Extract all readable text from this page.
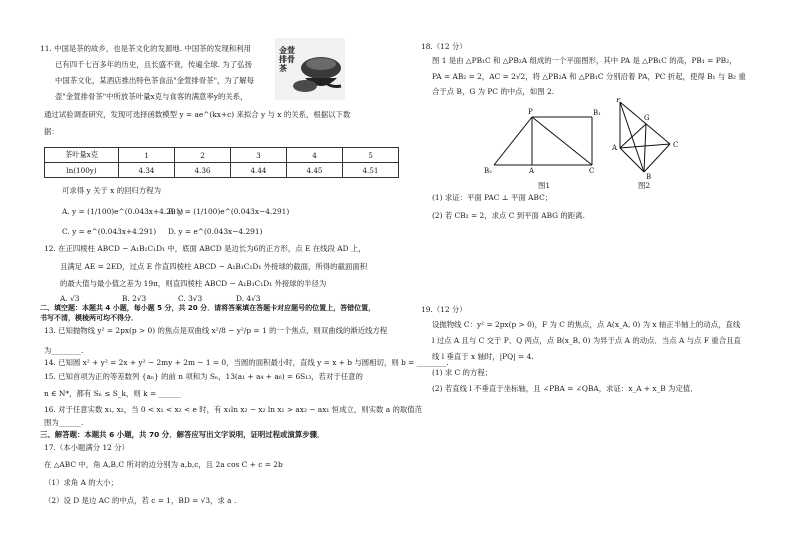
11. 中国是茶的故乡，也是茶文化的发源地. 中国茶的发现和利用
已有四千七百多年的历史，且长盛不衰，传遍全球. 为了弘扬
中国茶文化，某酒店推出特色茶食品"金萱排骨茶"，为了解每
壶"金萱排骨茶"中所放茶叶量x克与食客的满意率y的关系，
通过试验调查研究，发现可选择函数模型 y = ae^(kx+c) 来拟合 y 与 x 的关系，根据以下数
据：
金萱
排骨
茶
茶叶量x克	1	2	3	4	5
ln(100y)	4.34	4.36	4.44	4.45	4.51
可求得 y 关于 x 的回归方程为
A. y = (1/100)e^(0.043x+4.291)
B. y = (1/100)e^(0.043x−4.291)
C. y = e^(0.043x+4.291) D. y = e^(0.043x−4.291)
12. 在正四棱柱 ABCD − A₁B₁C₁D₁ 中，底面 ABCD 是边长为6的正方形，点 E 在线段 AD 上，
且满足 AE = 2ED，过点 E 作直四棱柱 ABCD − A₁B₁C₁D₁ 外接球的截面，所得的截面面积
的最大值与最小值之差为 19π，则直四棱柱 ABCD − A₁B₁C₁D₁ 外接球的半径为
A. √3	B. 2√3	C. 3√3	D. 4√3
二、填空题：本题共 4 小题，每小题 5 分，共 20 分．请将答案填在答题卡对应题号的位置上，答错位置，书写不清，模棱两可均不得分．
13. 已知抛物线 y² = 2px(p > 0) 的焦点是双曲线 x²/8 − y²/p = 1 的一个焦点，则双曲线的渐近线方程
为________.
14. 已知圆 x² + y² = 2x + y² − 2my + 2m − 1 = 0，当圆的面积最小时，直线 y = x + b 与圆相切，则 b = ________.
15. 已知首项为正的等差数列 {aₙ} 的前 n 项和为 Sₙ，13(a₁ + a₄ + a₆) = 6S₁₃，若对于任意的
n ∈ N*，都有 Sₙ ≤ S_k，则 k = ______
16. 对于任意实数 x₁, x₂，当 0 < x₁ < x₂ < e 时，有 x₁ln x₂ − x₂ ln x₁ > ax₂ − ax₁ 恒成立，则实数 a 的取值范
围为______.
三、解答题：本题共 6 小题，共 70 分．解答应写出文字说明，证明过程或演算步骤．
17.（本小题满分 12 分）
在 △ABC 中，角 A,B,C 所对的边分别为 a,b,c，且 2a cos C + c = 2b
（1）求角 A 的大小；
（2）设 D 是边 AC 的中点，若 c = 1，BD = √3，求 a .
18.（12 分）
图 1 是由 △PB₁C 和 △PB₂A 组成的一个平面图形，其中 PA 是 △PB₁C 的高，PB₁ = PB₂，
PA = AB₂ = 2，AC = 2√2，将 △PB₂A 和 △PB₁C 分别沿着 PA，PC 折起，使得 B₁ 与 B₂ 重
合于点 B，G 为 PC 的中点，如图 2.
P	B₁
A
B₂	C
图1
P
G
A	C
B
图2
(1) 求证：平面 PAC ⊥ 平面 ABC；
(2) 若 CB₂ = 2，求点 C 到平面 ABG 的距离.
19.（12 分）
设抛物线 C：y² = 2px(p > 0)，F 为 C 的焦点，点 A(x_A, 0) 为 x 轴正半轴上的动点，直线
l 过点 A 且与 C 交于 P、Q 两点，点 B(x_B, 0) 为异于点 A 的动点．当点 A 与点 F 重合且直
线 l 垂直于 x 轴时，|PQ| = 4.
(1) 求 C 的方程；
(2) 若直线 l 不垂直于坐标轴，且 ∠PBA = ∠QBA，求证：x_A + x_B 为定值．
